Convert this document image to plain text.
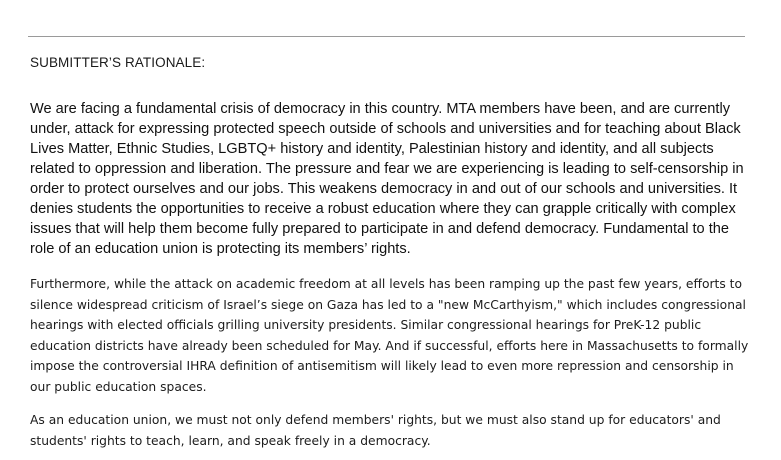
SUBMITTER’S RATIONALE:

We are facing a fundamental crisis of democracy in this country. MTA members have been, and are currently under, attack for expressing protected speech outside of schools and universities and for teaching about Black Lives Matter, Ethnic Studies, LGBTQ+ history and identity, Palestinian history and identity, and all subjects related to oppression and liberation. The pressure and fear we are experiencing is leading to self-censorship in order to protect ourselves and our jobs. This weakens democracy in and out of our schools and universities. It denies students the opportunities to receive a robust education where they can grapple critically with complex issues that will help them become fully prepared to participate in and defend democracy. Fundamental to the role of an education union is protecting its members’ rights.

Furthermore, while the attack on academic freedom at all levels has been ramping up the past few years, efforts to silence widespread criticism of Israel’s siege on Gaza has led to a "new McCarthyism," which includes congressional hearings with elected officials grilling university presidents. Similar congressional hearings for PreK-12 public education districts have already been scheduled for May. And if successful, efforts here in Massachusetts to formally impose the controversial IHRA definition of antisemitism will likely lead to even more repression and censorship in our public education spaces.

As an education union, we must not only defend members' rights, but we must also stand up for educators' and students' rights to teach, learn, and speak freely in a democracy.
